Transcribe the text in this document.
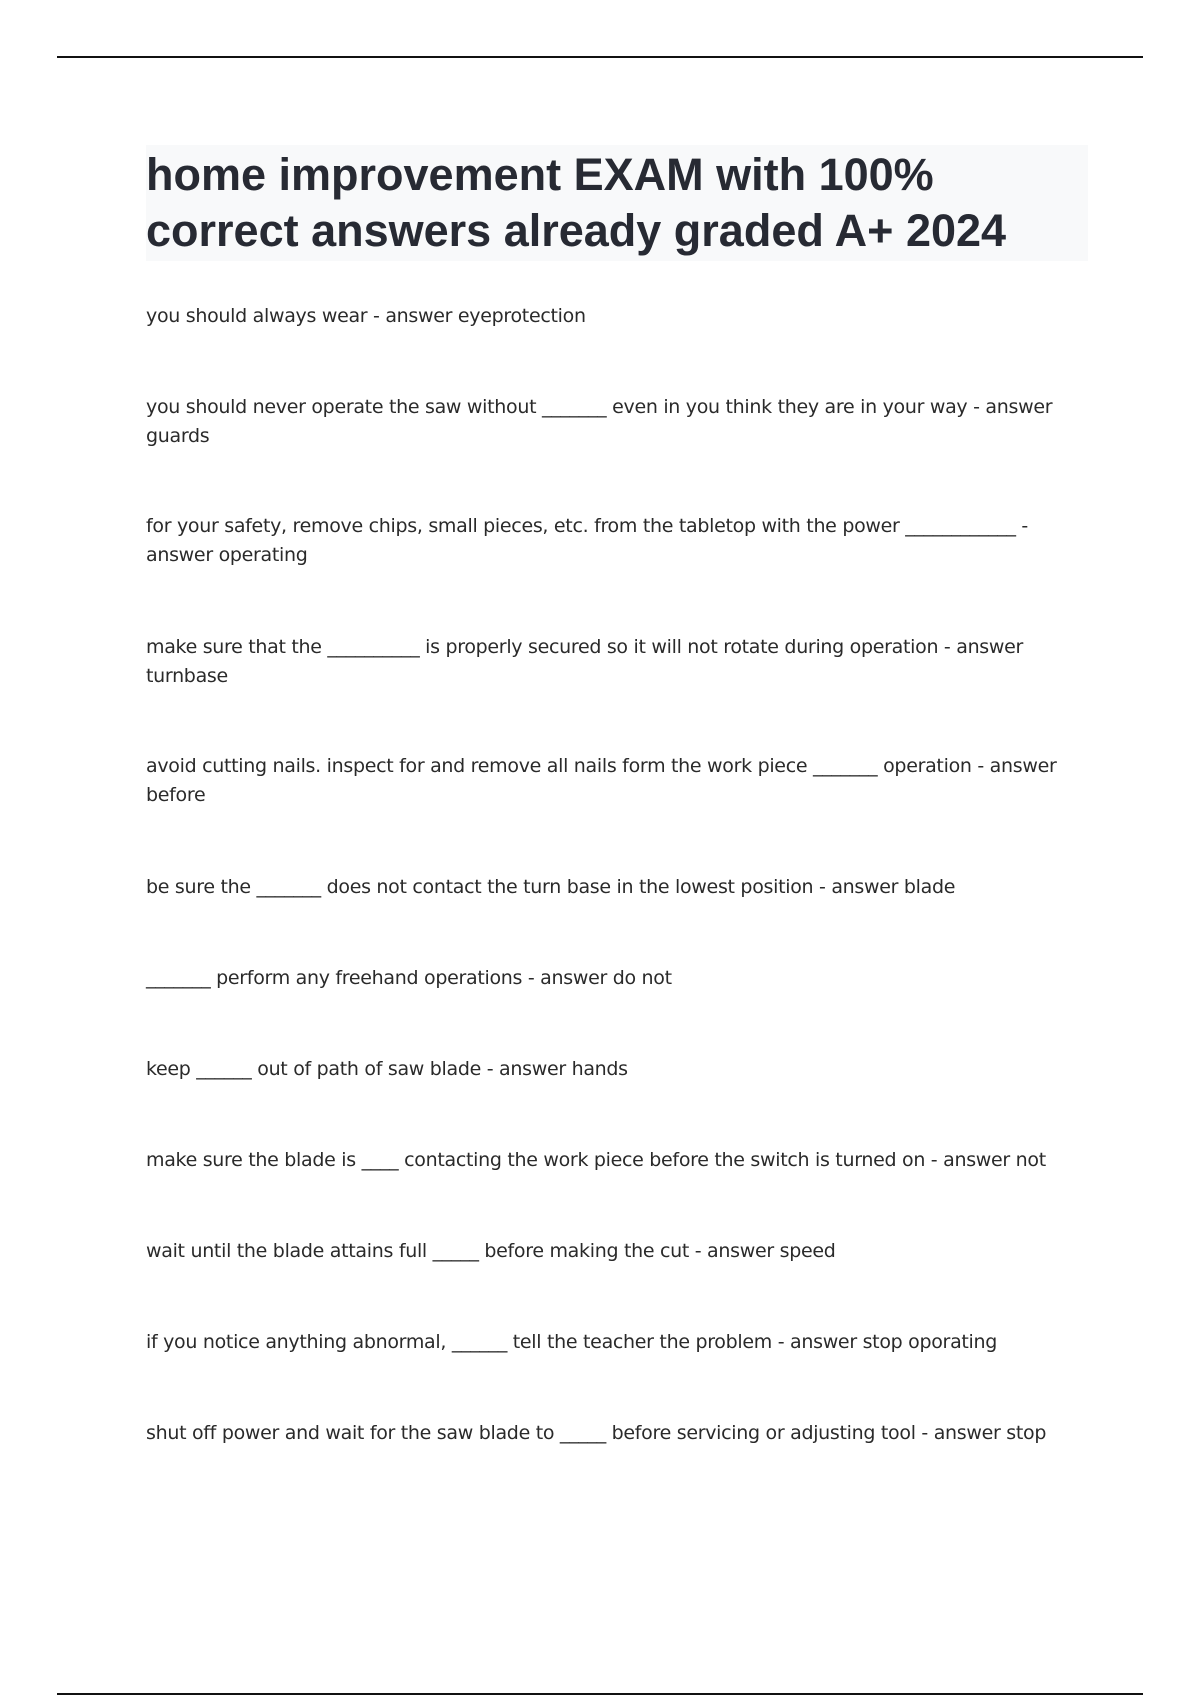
home improvement EXAM with 100% correct answers already graded A+ 2024

you should always wear - answer eyeprotection

you should never operate the saw without _______ even in you think they are in your way - answer guards

for your safety, remove chips, small pieces, etc. from the tabletop with the power ____________ - answer operating

make sure that the __________ is properly secured so it will not rotate during operation - answer turnbase

avoid cutting nails. inspect for and remove all nails form the work piece _______ operation - answer before

be sure the _______ does not contact the turn base in the lowest position - answer blade

_______ perform any freehand operations - answer do not

keep ______ out of path of saw blade - answer hands

make sure the blade is ____ contacting the work piece before the switch is turned on - answer not

wait until the blade attains full _____ before making the cut - answer speed

if you notice anything abnormal, ______ tell the teacher the problem - answer stop oporating

shut off power and wait for the saw blade to _____ before servicing or adjusting tool - answer stop
